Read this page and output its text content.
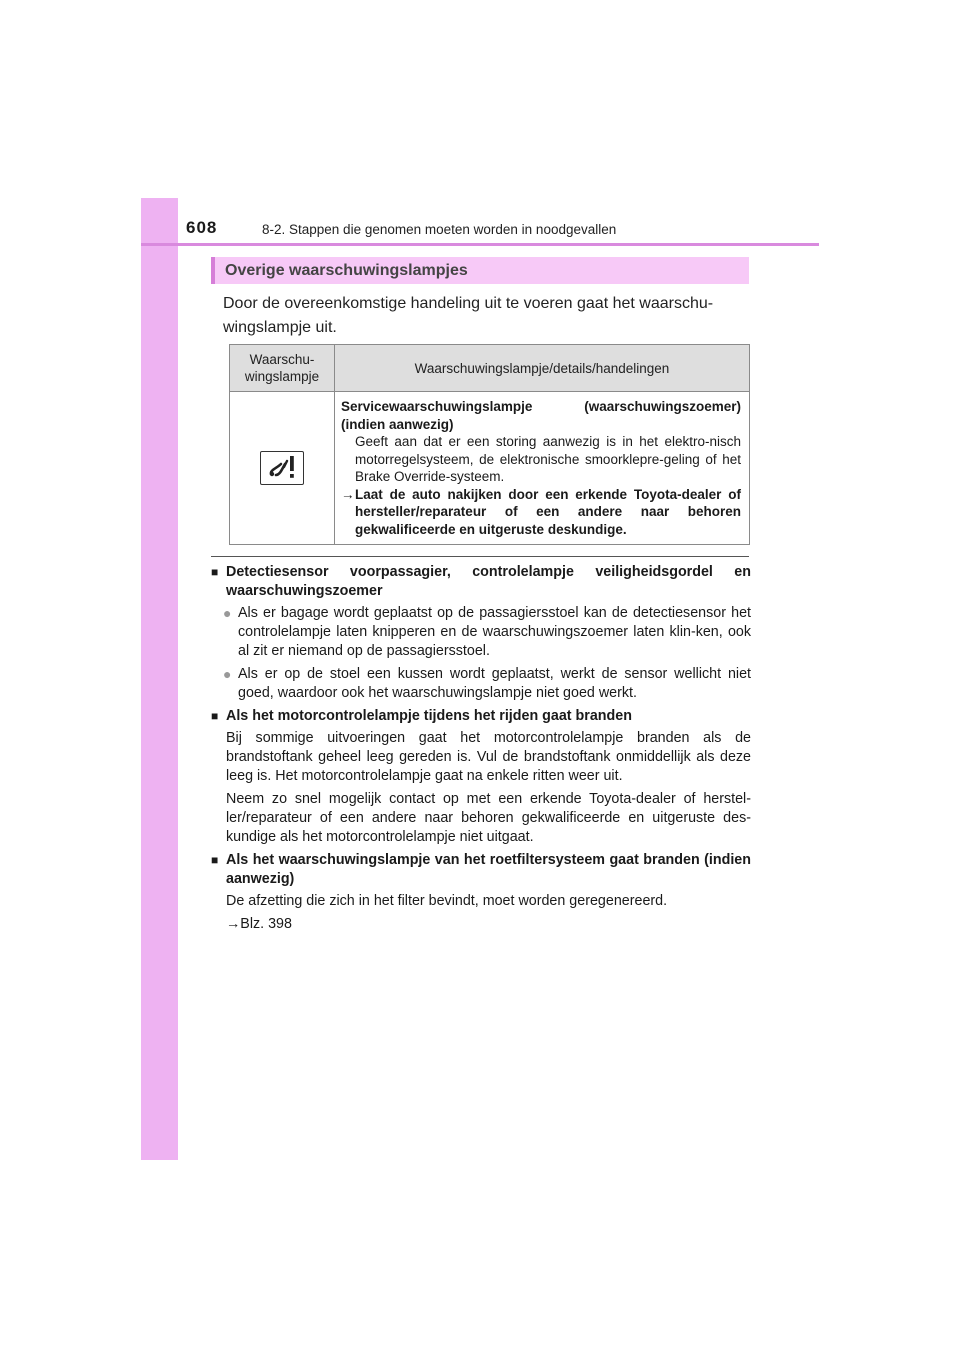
608	8-2. Stappen die genomen moeten worden in noodgevallen
Overige waarschuwingslampjes
Door de overeenkomstige handeling uit te voeren gaat het waarschu-wingslampje uit.
Waarschu-
wingslampje	Waarschuwingslampje/details/handelingen

Servicewaarschuwingslampje (waarschuwingszoemer)
(indien aanwezig)
Geeft aan dat er een storing aanwezig is in het elektro-nisch motorregelsysteem, de elektronische smoorklepre-geling of het Brake Override-systeem.
→ Laat de auto nakijken door een erkende Toyota-dealer of hersteller/reparateur of een andere naar behoren gekwalificeerde en uitgeruste deskundige.
■ Detectiesensor voorpassagier, controlelampje veiligheidsgordel en waarschuwingszoemer
● Als er bagage wordt geplaatst op de passagiersstoel kan de detectiesensor het controlelampje laten knipperen en de waarschuwingszoemer laten klin-ken, ook al zit er niemand op de passagiersstoel.
● Als er op de stoel een kussen wordt geplaatst, werkt de sensor wellicht niet goed, waardoor ook het waarschuwingslampje niet goed werkt.
■ Als het motorcontrolelampje tijdens het rijden gaat branden
Bij sommige uitvoeringen gaat het motorcontrolelampje branden als de brandstoftank geheel leeg gereden is. Vul de brandstoftank onmiddellijk als deze leeg is. Het motorcontrolelampje gaat na enkele ritten weer uit.
Neem zo snel mogelijk contact op met een erkende Toyota-dealer of herstel-ler/reparateur of een andere naar behoren gekwalificeerde en uitgeruste des-kundige als het motorcontrolelampje niet uitgaat.
■ Als het waarschuwingslampje van het roetfiltersysteem gaat branden (indien aanwezig)
De afzetting die zich in het filter bevindt, moet worden geregenereerd.
→Blz. 398
